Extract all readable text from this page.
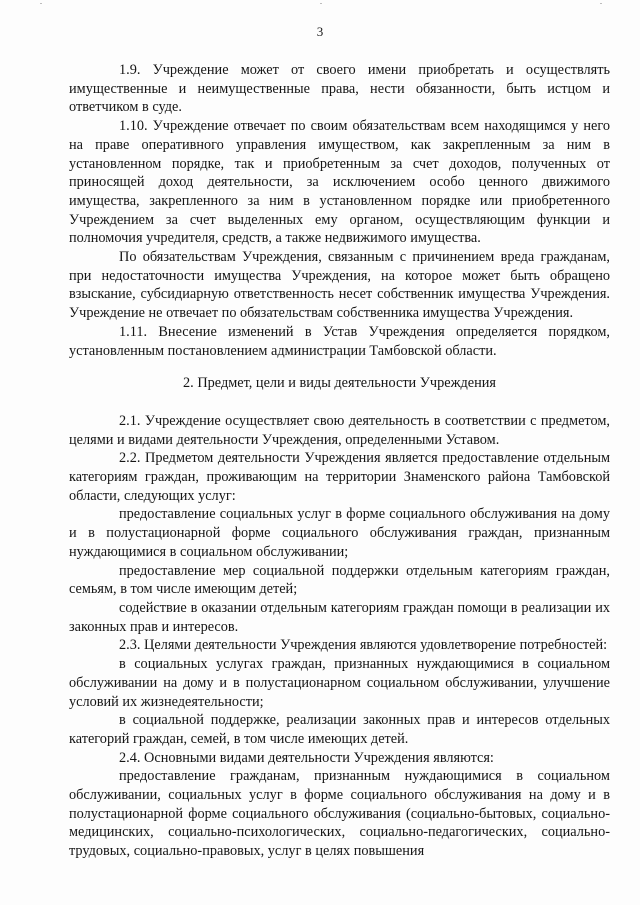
3

1.9. Учреждение может от своего имени приобретать и осуществлять имущественные и неимущественные права, нести обязанности, быть истцом и ответчиком в суде.

1.10. Учреждение отвечает по своим обязательствам всем находящимся у него на праве оперативного управления имуществом, как закрепленным за ним в установленном порядке, так и приобретенным за счет доходов, полученных от приносящей доход деятельности, за исключением особо ценного движимого имущества, закрепленного за ним в установленном порядке или приобретенного Учреждением за счет выделенных ему органом, осуществляющим функции и полномочия учредителя, средств, а также недвижимого имущества.

По обязательствам Учреждения, связанным с причинением вреда гражданам, при недостаточности имущества Учреждения, на которое может быть обращено взыскание, субсидиарную ответственность несет собственник имущества Учреждения. Учреждение не отвечает по обязательствам собственника имущества Учреждения.

1.11. Внесение изменений в Устав Учреждения определяется порядком, установленным постановлением администрации Тамбовской области.

2. Предмет, цели и виды деятельности Учреждения

2.1. Учреждение осуществляет свою деятельность в соответствии с предметом, целями и видами деятельности Учреждения, определенными Уставом.

2.2. Предметом деятельности Учреждения является предоставление отдельным категориям граждан, проживающим на территории Знаменского района Тамбовской области, следующих услуг:

предоставление социальных услуг в форме социального обслуживания на дому и в полустационарной форме социального обслуживания граждан, признанным нуждающимися в социальном обслуживании;

предоставление мер социальной поддержки отдельным категориям граждан, семьям, в том числе имеющим детей;

содействие в оказании отдельным категориям граждан помощи в реализации их законных прав и интересов.

2.3. Целями деятельности Учреждения являются удовлетворение потребностей:

в социальных услугах граждан, признанных нуждающимися в социальном обслуживании на дому и в полустационарном социальном обслуживании, улучшение условий их жизнедеятельности;

в социальной поддержке, реализации законных прав и интересов отдельных категорий граждан, семей, в том числе имеющих детей.

2.4. Основными видами деятельности Учреждения являются:

предоставление гражданам, признанным нуждающимися в социальном обслуживании, социальных услуг в форме социального обслуживания на дому и в полустационарной форме социального обслуживания (социально-бытовых, социально-медицинских, социально-психологических, социально-педагогических, социально-трудовых, социально-правовых, услуг в целях повышения
